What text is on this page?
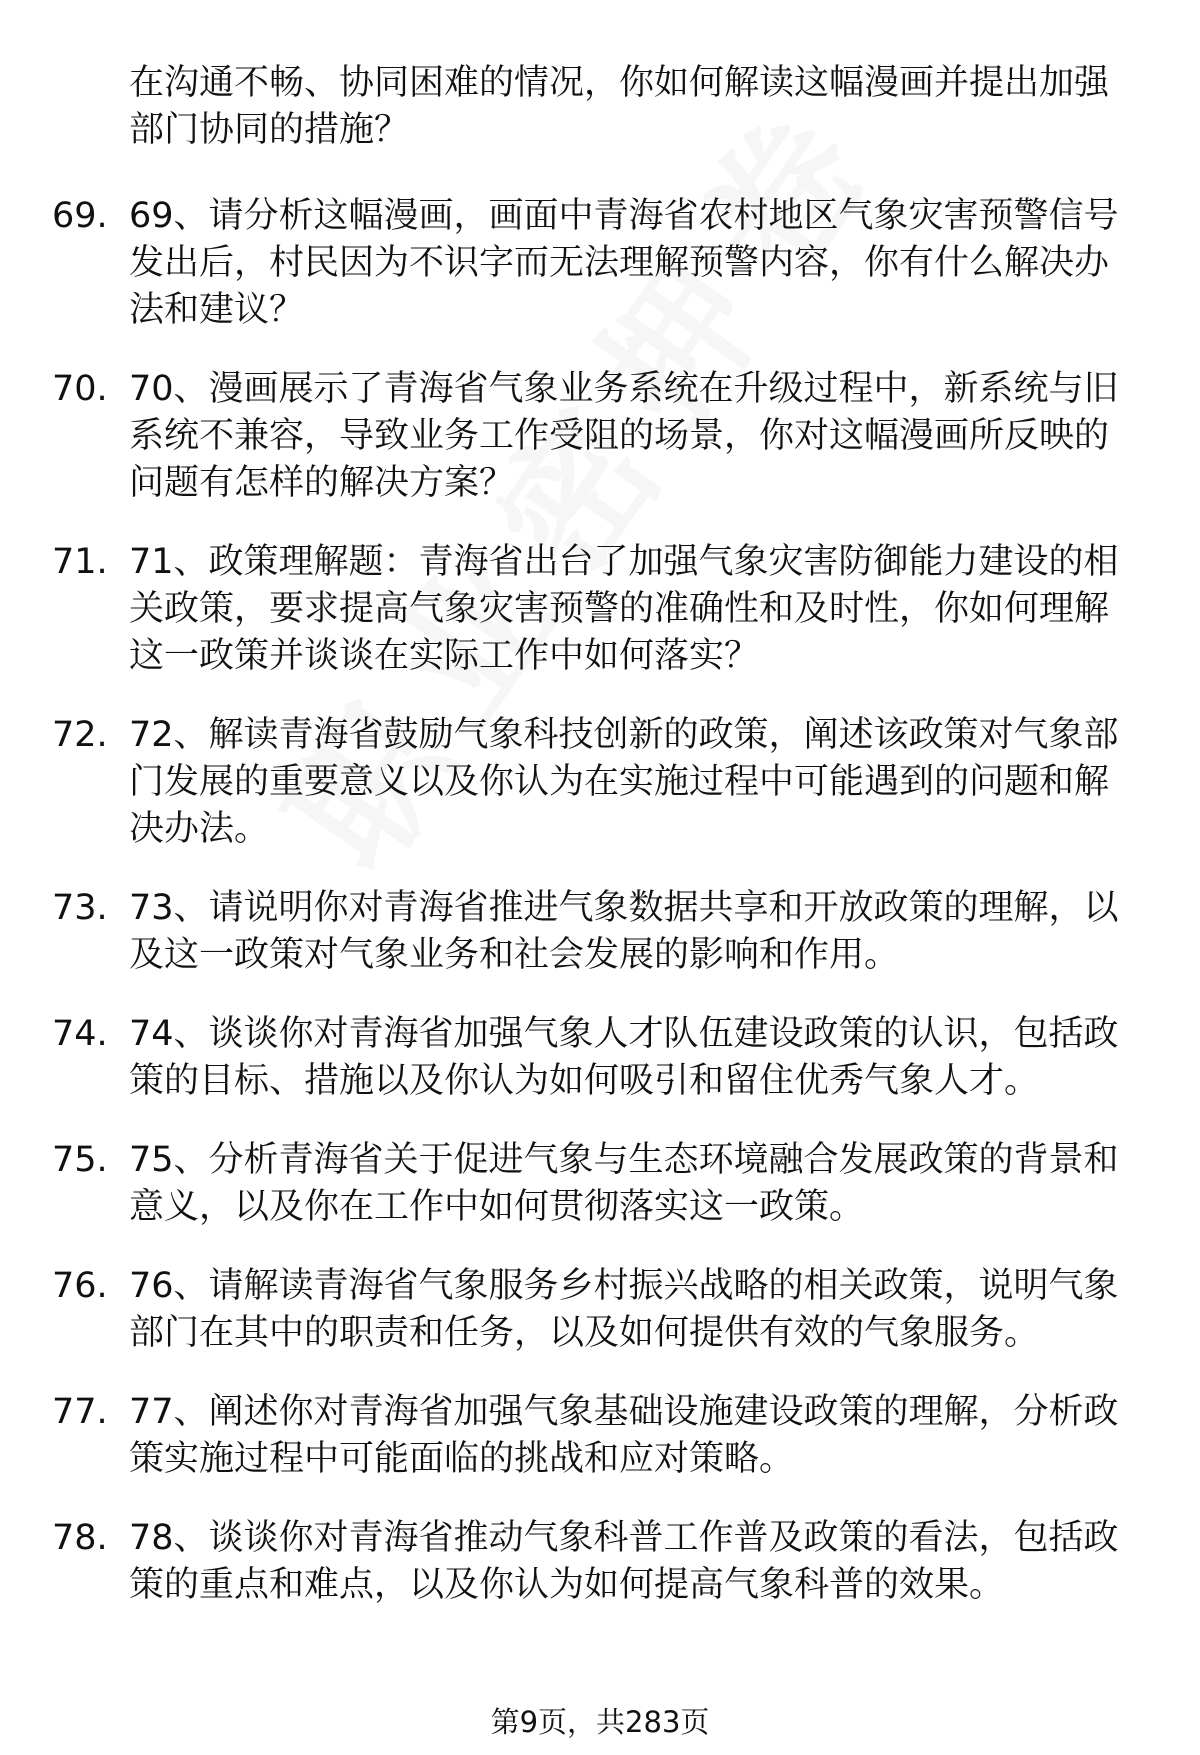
在沟通不畅、协同困难的情况，你如何解读这幅漫画并提出加强部门协同的措施？
69. 69、请分析这幅漫画，画面中青海省农村地区气象灾害预警信号发出后，村民因为不识字而无法理解预警内容，你有什么解决办法和建议？
70. 70、漫画展示了青海省气象业务系统在升级过程中，新系统与旧系统不兼容，导致业务工作受阻的场景，你对这幅漫画所反映的问题有怎样的解决方案？
71. 71、政策理解题：青海省出台了加强气象灾害防御能力建设的相关政策，要求提高气象灾害预警的准确性和及时性，你如何理解这一政策并谈谈在实际工作中如何落实？
72. 72、解读青海省鼓励气象科技创新的政策，阐述该政策对气象部门发展的重要意义以及你认为在实施过程中可能遇到的问题和解决办法。
73. 73、请说明你对青海省推进气象数据共享和开放政策的理解，以及这一政策对气象业务和社会发展的影响和作用。
74. 74、谈谈你对青海省加强气象人才队伍建设政策的认识，包括政策的目标、措施以及你认为如何吸引和留住优秀气象人才。
75. 75、分析青海省关于促进气象与生态环境融合发展政策的背景和意义，以及你在工作中如何贯彻落实这一政策。
76. 76、请解读青海省气象服务乡村振兴战略的相关政策，说明气象部门在其中的职责和任务，以及如何提供有效的气象服务。
77. 77、阐述你对青海省加强气象基础设施建设政策的理解，分析政策实施过程中可能面临的挑战和应对策略。
78. 78、谈谈你对青海省推动气象科普工作普及政策的看法，包括政策的重点和难点，以及你认为如何提高气象科普的效果。
第9页，共283页
